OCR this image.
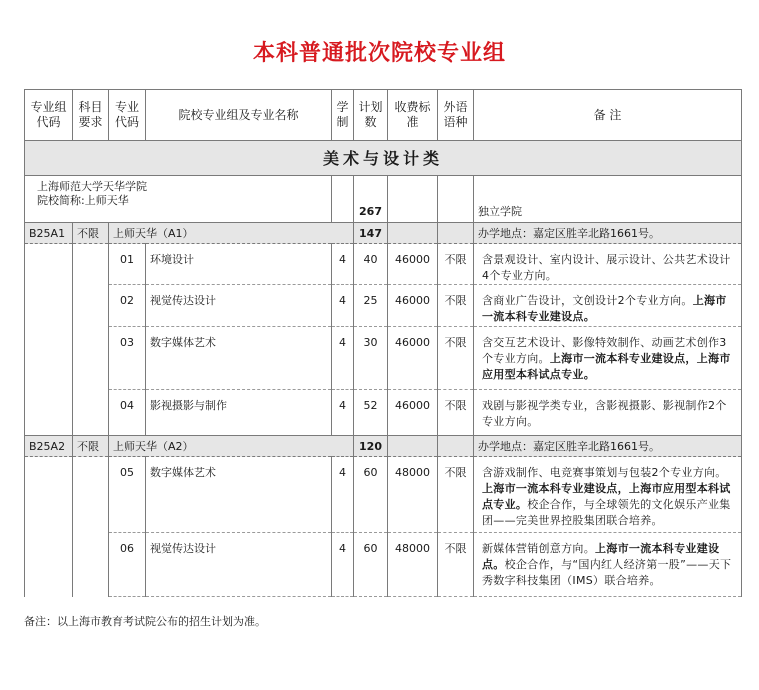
本科普通批次院校专业组
专业组代码	科目要求	专业代码	院校专业组及专业名称	学制	计划数	收费标准	外语语种	备 注
美术与设计类								

上海师范大学天华学院
院校简称:上师天华					267			独立学院
B25A1	不限	上师天华（A1）			147			办学地点：嘉定区胜辛北路1661号。
		01	环境设计	4	40	46000	不限	含景观设计、室内设计、展示设计、公共艺术设计4个专业方向。
		02	视觉传达设计	4	25	46000	不限	含商业广告设计，文创设计2个专业方向。上海市一流本科专业建设点。
		03	数字媒体艺术	4	30	46000	不限	含交互艺术设计、影像特效制作、动画艺术创作3个专业方向。上海市一流本科专业建设点，上海市应用型本科试点专业。
		04	影视摄影与制作	4	52	46000	不限	戏剧与影视学类专业，含影视摄影、影视制作2个专业方向。
B25A2	不限	上师天华（A2）			120			办学地点：嘉定区胜辛北路1661号。
		05	数字媒体艺术	4	60	48000	不限	含游戏制作、电竞赛事策划与包装2个专业方向。上海市一流本科专业建设点，上海市应用型本科试点专业。校企合作，与全球领先的文化娱乐产业集团——完美世界控股集团联合培养。
		06	视觉传达设计	4	60	48000	不限	新媒体营销创意方向。上海市一流本科专业建设点。校企合作，与“国内红人经济第一股”——天下秀数字科技集团（IMS）联合培养。
备注：以上海市教育考试院公布的招生计划为准。
